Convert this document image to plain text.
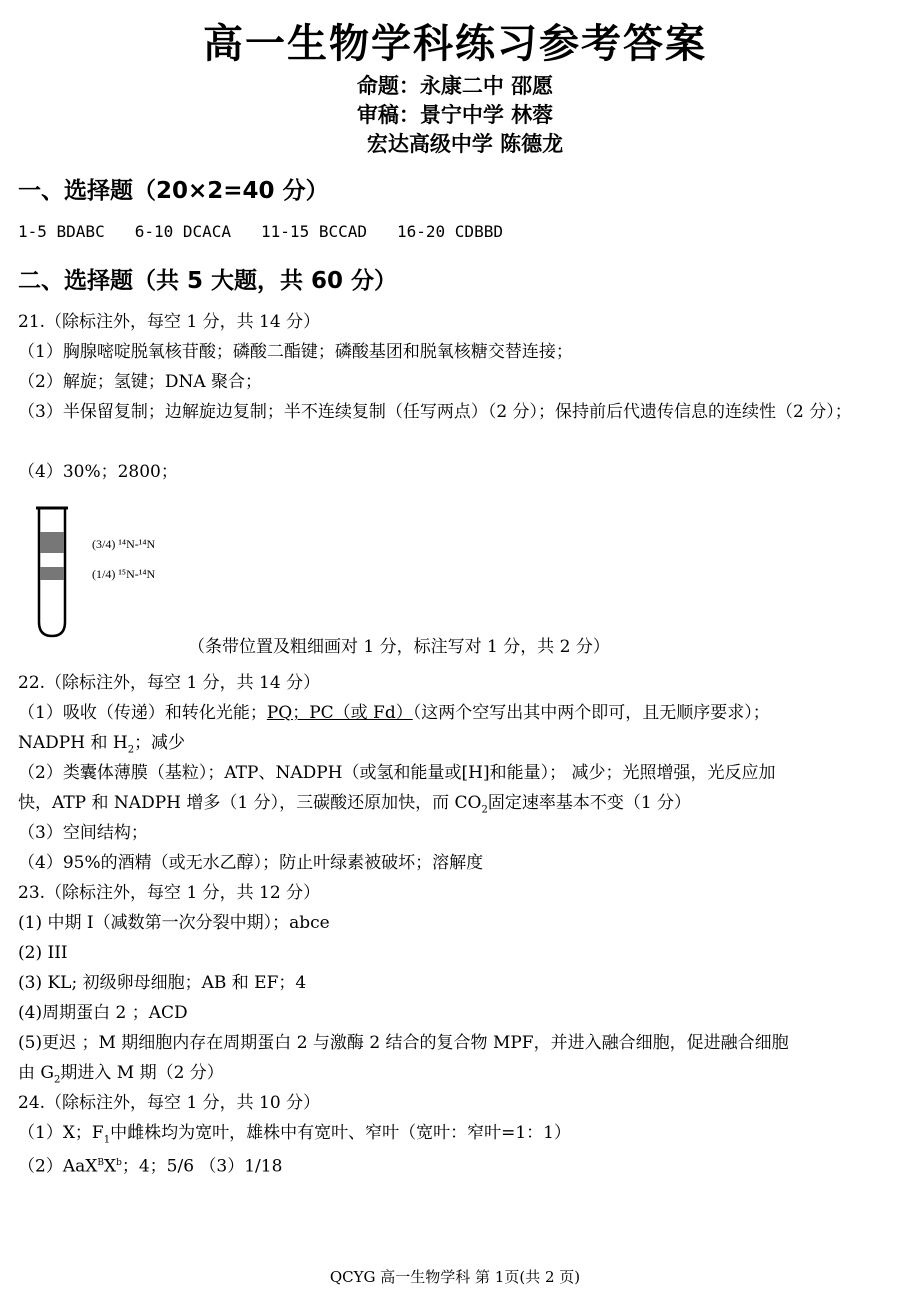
高一生物学科练习参考答案
命题：永康二中 邵愿
审稿：景宁中学 林蓉
宏达高级中学 陈德龙
一、选择题（20×2=40 分）
1-5 BDABC 6-10 DCACA 11-15 BCCAD 16-20 CDBBD
二、选择题（共 5 大题，共 60 分）
21.（除标注外，每空 1 分，共 14 分）
（1）胸腺嘧啶脱氧核苷酸；磷酸二酯键；磷酸基团和脱氧核糖交替连接；
（2）解旋；氢键；DNA 聚合；
（3）半保留复制；边解旋边复制；半不连续复制（任写两点）（2 分）；保持前后代遗传信息的连续性（2 分）；
（4）30%；2800；
(3/4) ¹⁴N-¹⁴N
(1/4) ¹⁵N-¹⁴N
（条带位置及粗细画对 1 分，标注写对 1 分，共 2 分）
22.（除标注外，每空 1 分，共 14 分）
（1）吸收（传递）和转化光能；PQ；PC（或 Fd）（这两个空写出其中两个即可，且无顺序要求）；
NADPH 和 $H_2$；减少
（2）类囊体薄膜（基粒）；ATP、NADPH（或氢和能量或[H]和能量）； 减少；光照增强，光反应加
快，ATP 和 NADPH 增多（1 分），三碳酸还原加快，而 $CO_2$固定速率基本不变（1 分）
（3）空间结构；
（4）95%的酒精（或无水乙醇）；防止叶绿素被破坏；溶解度
23.（除标注外，每空 1 分，共 12 分）
(1) 中期 I（减数第一次分裂中期）；abce
(2) III
(3) KL; 初级卵母细胞；AB 和 EF；4
(4)周期蛋白 2 ；ACD
(5)更迟 ；M 期细胞内存在周期蛋白 2 与激酶 2 结合的复合物 MPF，并进入融合细胞，促进融合细胞
由 $G_2$期进入 M 期（2 分）
24.（除标注外，每空 1 分，共 10 分）
（1）X；$F_1$中雌株均为宽叶，雄株中有宽叶、窄叶（宽叶：窄叶=1：1）
$(2)AaX^BX^b$；4；5/6 （3）1/18
QCYG 高一生物学科 第 1页(共 2 页)
